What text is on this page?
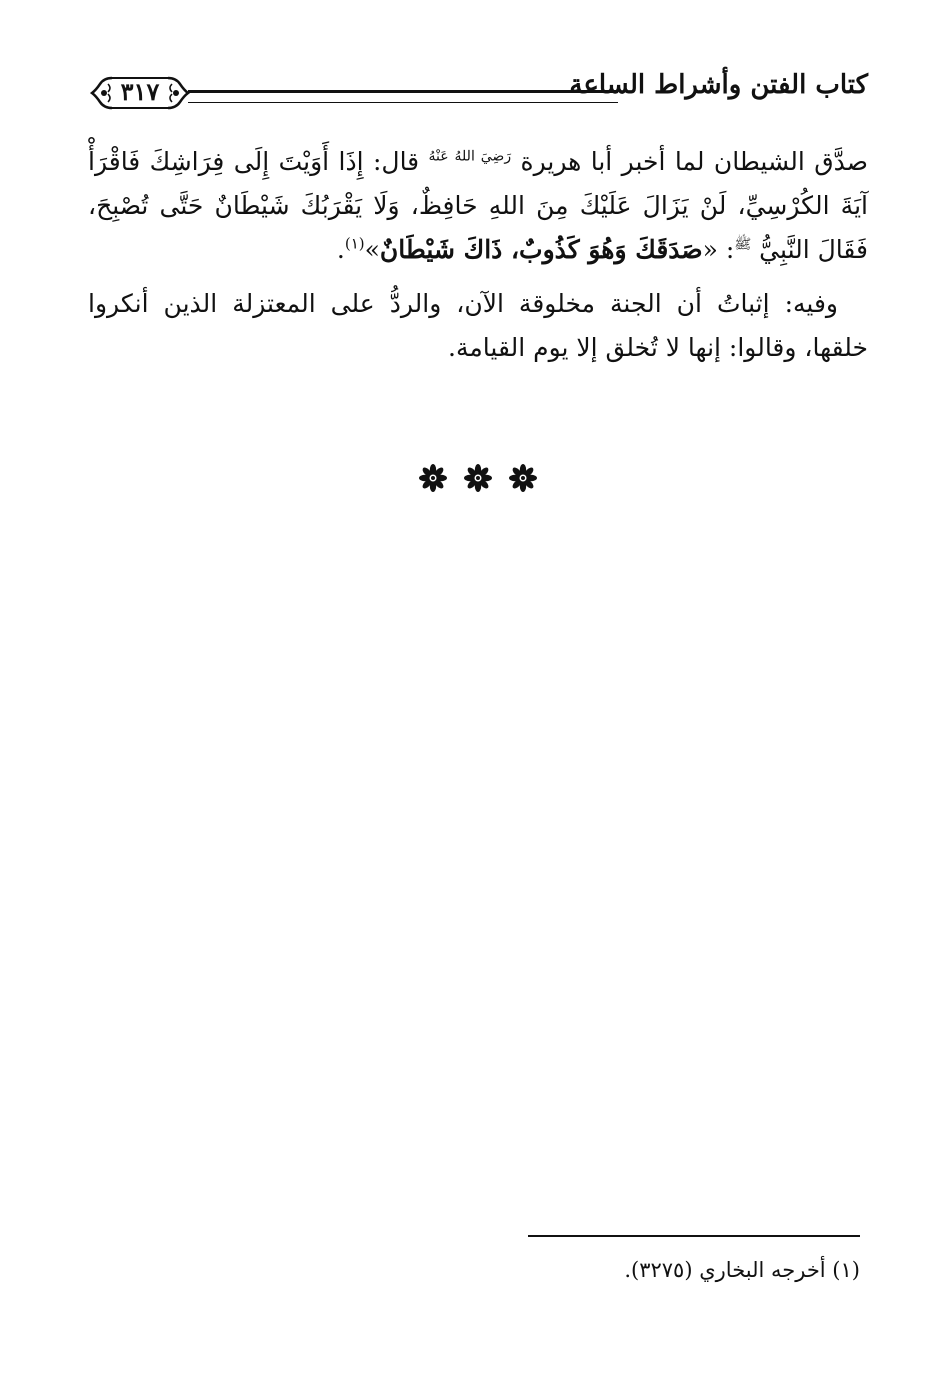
٣١٧	كتاب الفتن وأشراط الساعة

صدَّق الشيطان لما أخبر أبا هريرة $^{رَضِيَ اللهُ عَنْهُ}$ قال: إِذَا أَوَيْتَ إِلَى فِرَاشِكَ فَاقْرَأْ آيَةَ الكُرْسِيِّ، لَنْ يَزَالَ عَلَيْكَ مِنَ اللهِ حَافِظٌ، وَلَا يَقْرَبُكَ شَيْطَانٌ حَتَّى تُصْبِحَ، فَقَالَ النَّبِيُّ $^ﷺ$: «صَدَقَكَ وَهُوَ كَذُوبٌ، ذَاكَ شَيْطَانٌ»$^{(١)}$.

وفيه: إثباتُ أن الجنة مخلوقة الآن، والردُّ على المعتزلة الذين أنكروا خلقها، وقالوا: إنها لا تُخلق إلا يوم القيامة.

(١) أخرجه البخاري (٣٢٧٥).
